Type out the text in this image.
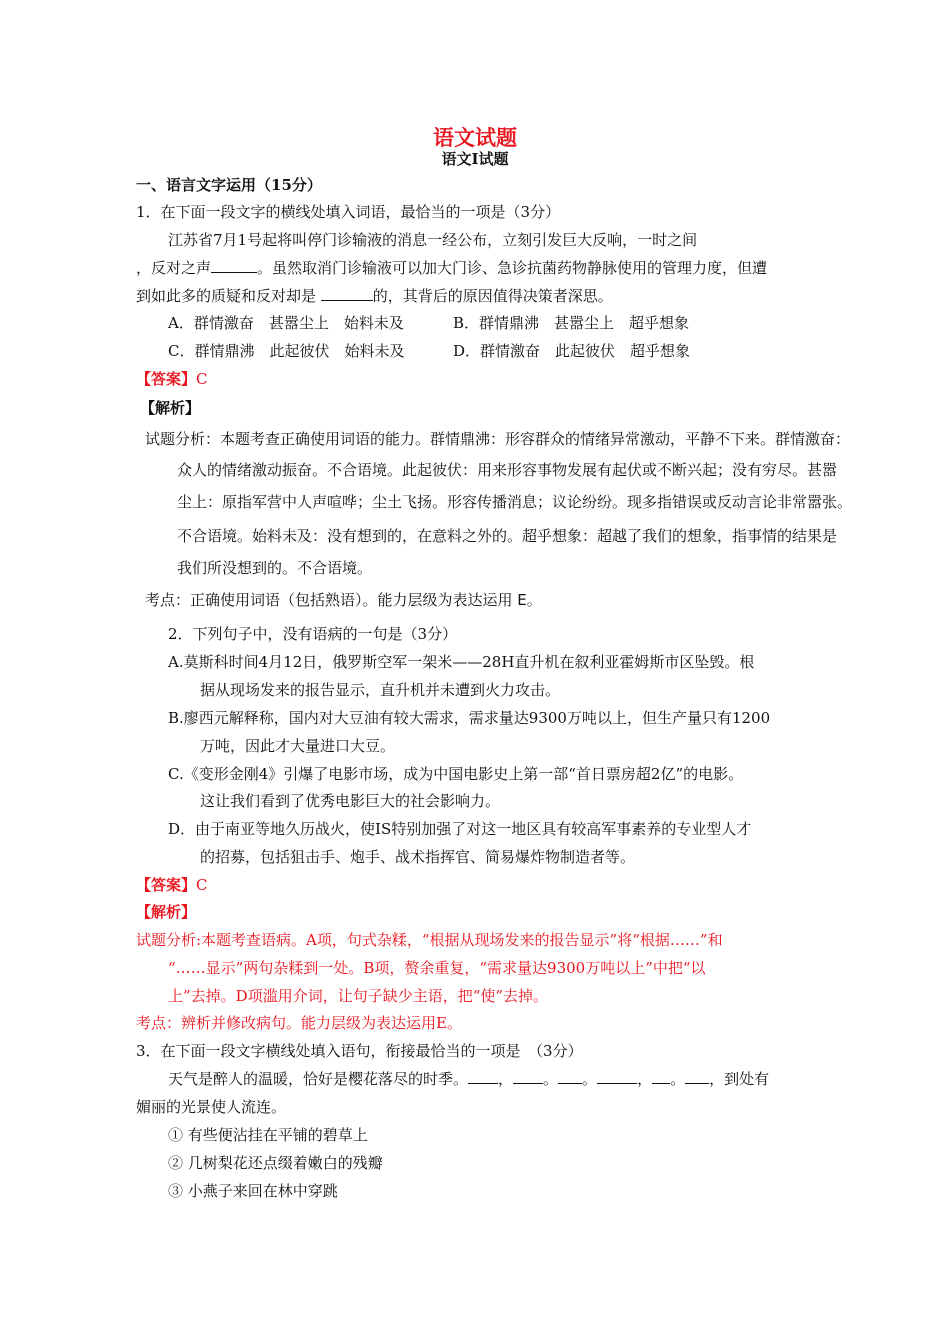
语文试题
语文Ⅰ试题
一、语言文字运用（15分）
1．在下面一段文字的横线处填入词语，最恰当的一项是（3分）
江苏省7月1号起将叫停门诊输液的消息一经公布，立刻引发巨大反响，一时之间
，反对之声	。虽然取消门诊输液可以加大门诊、急诊抗菌药物静脉使用的管理力度，但遭
到如此多的质疑和反对却是	的，其背后的原因值得决策者深思。
A．群情激奋　甚嚣尘上　始料未及	B．群情鼎沸　甚嚣尘上　超乎想象
C．群情鼎沸　此起彼伏　始料未及	D．群情激奋　此起彼伏　超乎想象
【答案】C
【解析】
试题分析：本题考查正确使用词语的能力。群情鼎沸：形容群众的情绪异常激动，平静不下来。群情激奋：
众人的情绪激动振奋。不合语境。此起彼伏：用来形容事物发展有起伏或不断兴起；没有穷尽。甚嚣
尘上：原指军营中人声喧哗；尘土飞扬。形容传播消息；议论纷纷。现多指错误或反动言论非常嚣张。
不合语境。始料未及：没有想到的，在意料之外的。超乎想象：超越了我们的想象，指事情的结果是
我们所没想到的。不合语境。
考点：正确使用词语（包括熟语）。能力层级为表达运用 E。
2．下列句子中，没有语病的一句是（3分）
A.莫斯科时间4月12日，俄罗斯空军一架米——28H直升机在叙利亚霍姆斯市区坠毁。根
据从现场发来的报告显示，直升机并未遭到火力攻击。
B.廖西元解释称，国内对大豆油有较大需求，需求量达9300万吨以上，但生产量只有1200
万吨，因此才大量进口大豆。
C.《变形金刚4》引爆了电影市场，成为中国电影史上第一部“首日票房超2亿”的电影。
这让我们看到了优秀电影巨大的社会影响力。
D．由于南亚等地久历战火，使IS特别加强了对这一地区具有较高军事素养的专业型人才
的招募，包括狙击手、炮手、战术指挥官、简易爆炸物制造者等。
【答案】C
【解析】
试题分析:本题考查语病。A项，句式杂糅，“根据从现场发来的报告显示”将“根据……”和
“……显示”两句杂糅到一处。B项，赘余重复，“需求量达9300万吨以上”中把“以
上”去掉。D项滥用介词，让句子缺少主语，把“使”去掉。
考点：辨析并修改病句。能力层级为表达运用E。
3．在下面一段文字横线处填入语句，衔接最恰当的一项是　（3分）
天气是醉人的温暖，恰好是樱花落尽的时季。 ， 。 。	， 。 ，到处有
媚丽的光景使人流连。
① 有些便沾挂在平铺的碧草上
② 几树梨花还点缀着嫩白的残瓣
③ 小燕子来回在林中穿跳
